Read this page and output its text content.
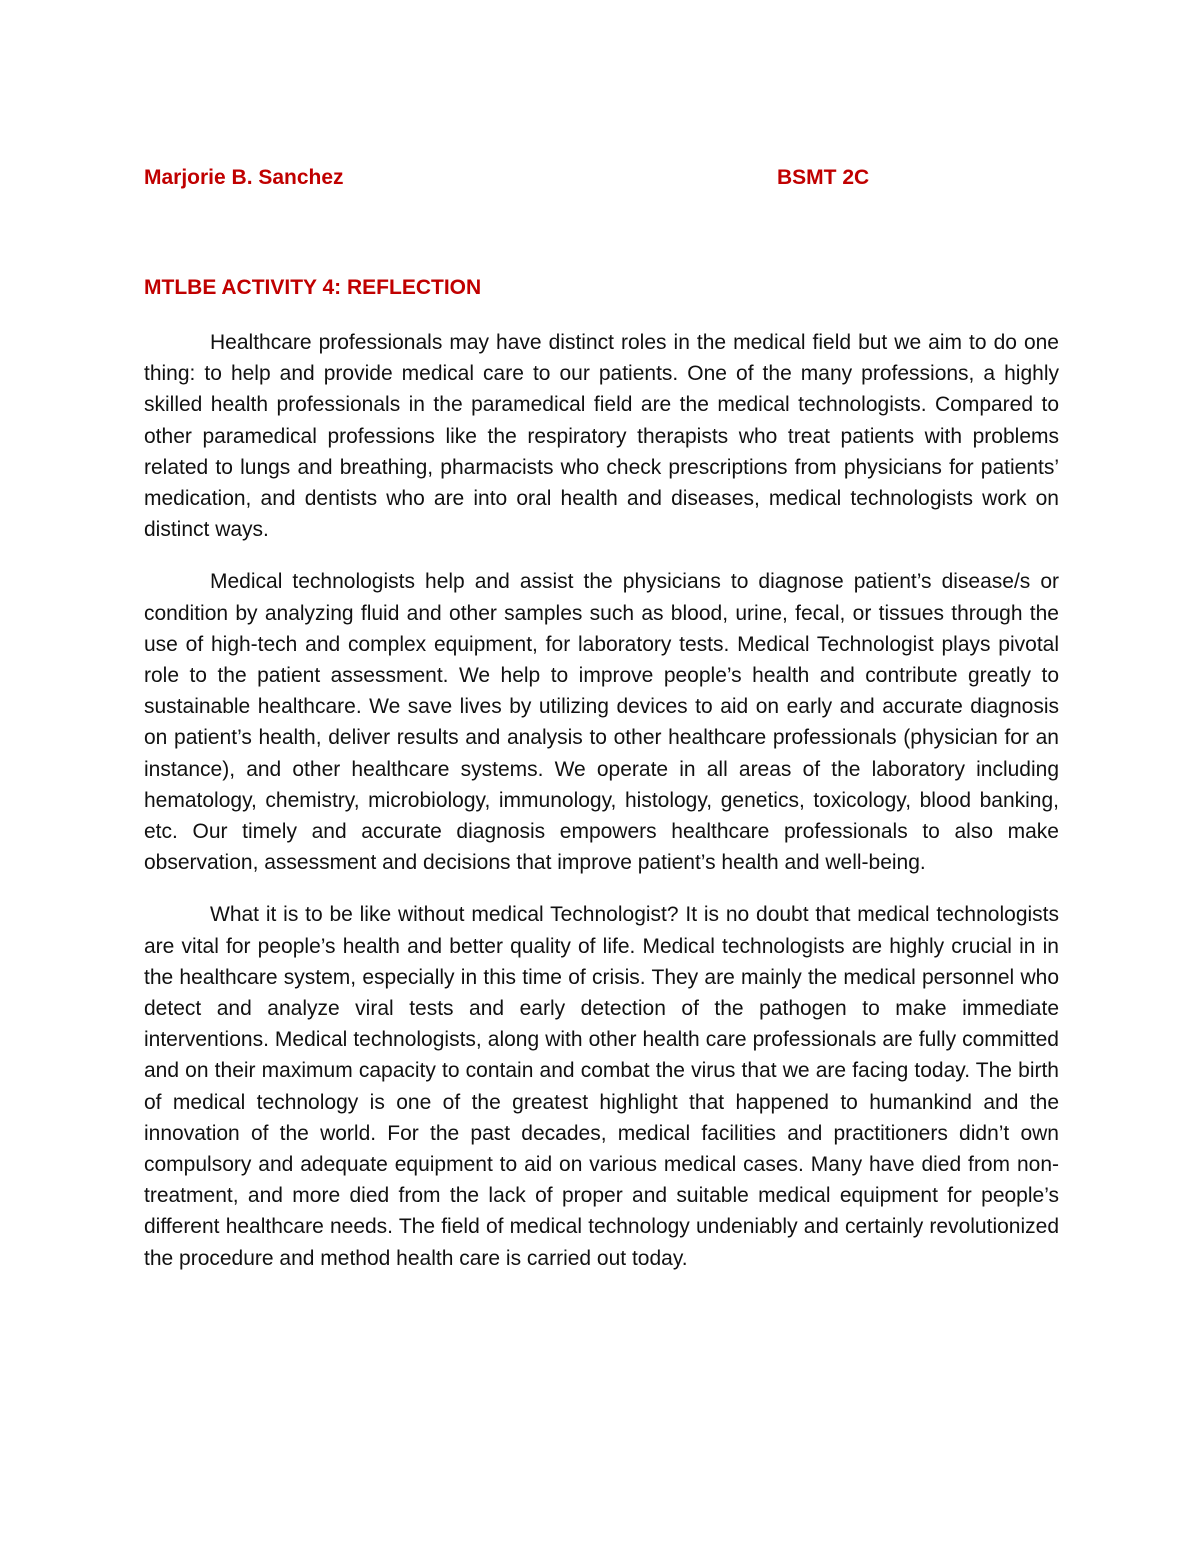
Marjorie B. Sanchez	BSMT 2C
MTLBE ACTIVITY 4: REFLECTION

Healthcare professionals may have distinct roles in the medical field but we aim to do one thing: to help and provide medical care to our patients. One of the many professions, a highly skilled health professionals in the paramedical field are the medical technologists. Compared to other paramedical professions like the respiratory therapists who treat patients with problems related to lungs and breathing, pharmacists who check prescriptions from physicians for patients’ medication, and dentists who are into oral health and diseases, medical technologists work on distinct ways.

Medical technologists help and assist the physicians to diagnose patient’s disease/s or condition by analyzing fluid and other samples such as blood, urine, fecal, or tissues through the use of high-tech and complex equipment, for laboratory tests. Medical Technologist plays pivotal role to the patient assessment. We help to improve people’s health and contribute greatly to sustainable healthcare. We save lives by utilizing devices to aid on early and accurate diagnosis on patient’s health, deliver results and analysis to other healthcare professionals (physician for an instance), and other healthcare systems. We operate in all areas of the laboratory including hematology, chemistry, microbiology, immunology, histology, genetics, toxicology, blood banking, etc. Our timely and accurate diagnosis empowers healthcare professionals to also make observation, assessment and decisions that improve patient’s health and well-being.

What it is to be like without medical Technologist? It is no doubt that medical technologists are vital for people’s health and better quality of life. Medical technologists are highly crucial in in the healthcare system, especially in this time of crisis. They are mainly the medical personnel who detect and analyze viral tests and early detection of the pathogen to make immediate interventions. Medical technologists, along with other health care professionals are fully committed and on their maximum capacity to contain and combat the virus that we are facing today. The birth of medical technology is one of the greatest highlight that happened to humankind and the innovation of the world. For the past decades, medical facilities and practitioners didn’t own compulsory and adequate equipment to aid on various medical cases. Many have died from non-treatment, and more died from the lack of proper and suitable medical equipment for people’s different healthcare needs. The field of medical technology undeniably and certainly revolutionized the procedure and method health care is carried out today.
